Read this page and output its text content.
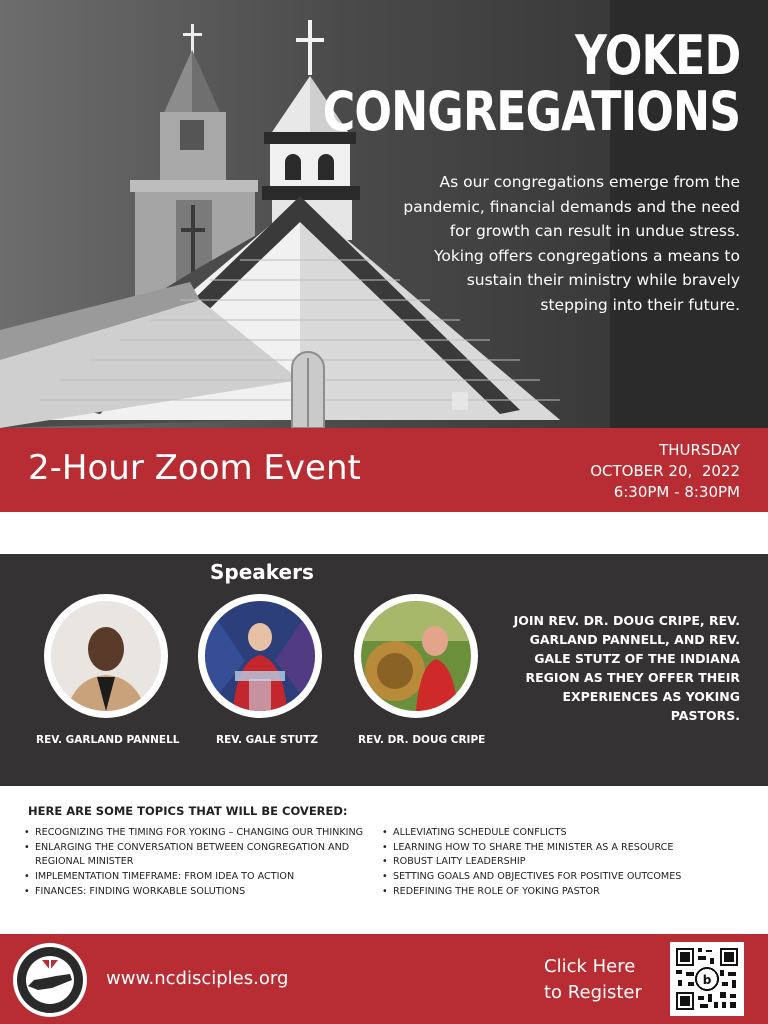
YOKED
CONGREGATIONS
As our congregations emerge from the pandemic, financial demands and the need for growth can result in undue stress. Yoking offers congregations a means to sustain their ministry while bravely stepping into their future.
2-Hour Zoom Event	THURSDAY
OCTOBER 20,  2022
6:30PM - 8:30PM
Speakers
REV. GARLAND PANNELL	REV. GALE STUTZ	REV. DR. DOUG CRIPE
JOIN REV. DR. DOUG CRIPE, REV. GARLAND PANNELL, AND REV. GALE STUTZ OF THE INDIANA REGION AS THEY OFFER THEIR EXPERIENCES AS YOKING PASTORS.
HERE ARE SOME TOPICS THAT WILL BE COVERED:
• RECOGNIZING THE TIMING FOR YOKING – CHANGING OUR THINKING
• ENLARGING THE CONVERSATION BETWEEN CONGREGATION AND REGIONAL MINISTER
• IMPLEMENTATION TIMEFRAME: FROM IDEA TO ACTION
• FINANCES: FINDING WORKABLE SOLUTIONS
• ALLEVIATING SCHEDULE CONFLICTS
• LEARNING HOW TO SHARE THE MINISTER AS A RESOURCE
• ROBUST LAITY LEADERSHIP
• SETTING GOALS AND OBJECTIVES FOR POSITIVE OUTCOMES
• REDEFINING THE ROLE OF YOKING PASTOR
www.ncdisciples.org
Click Here
to Register
b
